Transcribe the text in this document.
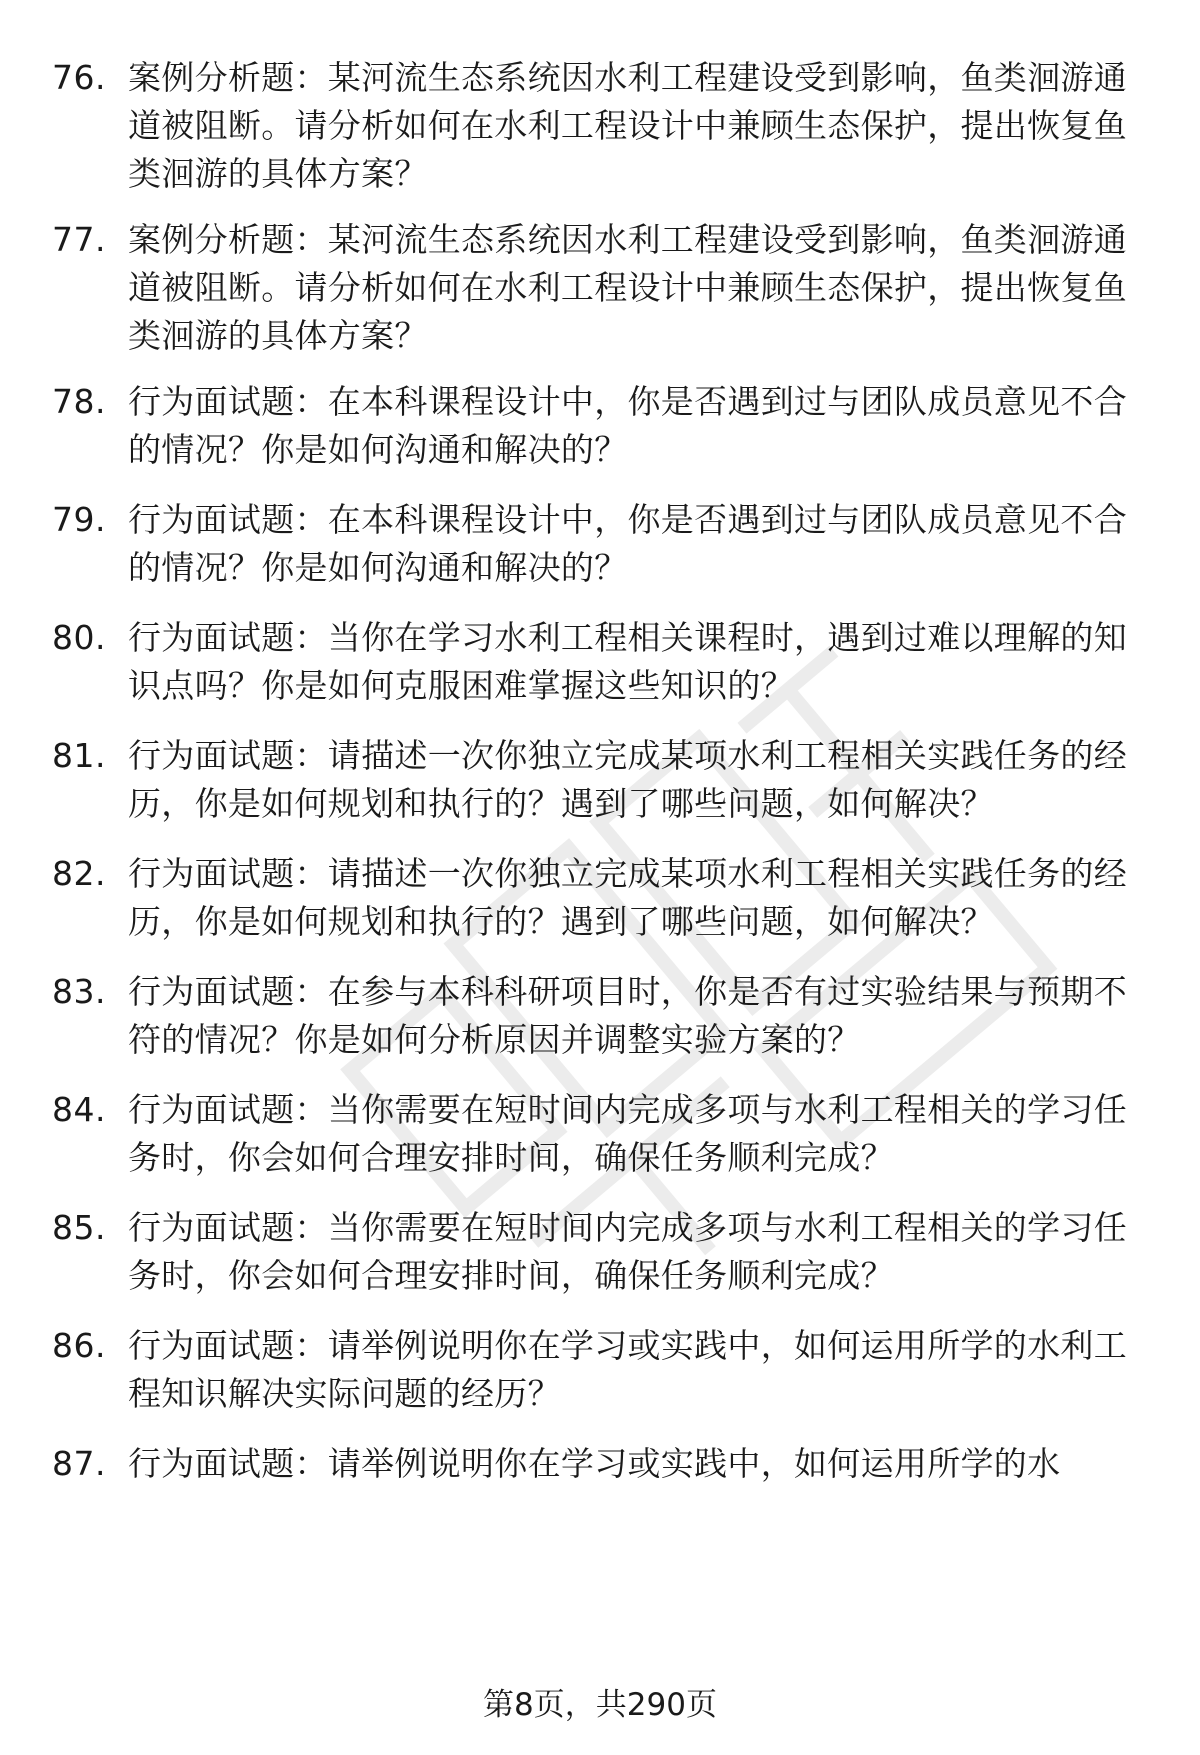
76. 案例分析题：某河流生态系统因水利工程建设受到影响，鱼类洄游通道被阻断。请分析如何在水利工程设计中兼顾生态保护，提出恢复鱼类洄游的具体方案？
77. 案例分析题：某河流生态系统因水利工程建设受到影响，鱼类洄游通道被阻断。请分析如何在水利工程设计中兼顾生态保护，提出恢复鱼类洄游的具体方案？
78. 行为面试题：在本科课程设计中，你是否遇到过与团队成员意见不合的情况？你是如何沟通和解决的？
79. 行为面试题：在本科课程设计中，你是否遇到过与团队成员意见不合的情况？你是如何沟通和解决的？
80. 行为面试题：当你在学习水利工程相关课程时，遇到过难以理解的知识点吗？你是如何克服困难掌握这些知识的？
81. 行为面试题：请描述一次你独立完成某项水利工程相关实践任务的经历，你是如何规划和执行的？遇到了哪些问题，如何解决？
82. 行为面试题：请描述一次你独立完成某项水利工程相关实践任务的经历，你是如何规划和执行的？遇到了哪些问题，如何解决？
83. 行为面试题：在参与本科科研项目时，你是否有过实验结果与预期不符的情况？你是如何分析原因并调整实验方案的？
84. 行为面试题：当你需要在短时间内完成多项与水利工程相关的学习任务时，你会如何合理安排时间，确保任务顺利完成？
85. 行为面试题：当你需要在短时间内完成多项与水利工程相关的学习任务时，你会如何合理安排时间，确保任务顺利完成？
86. 行为面试题：请举例说明你在学习或实践中，如何运用所学的水利工程知识解决实际问题的经历？
87. 行为面试题：请举例说明你在学习或实践中，如何运用所学的水
第8页，共290页
